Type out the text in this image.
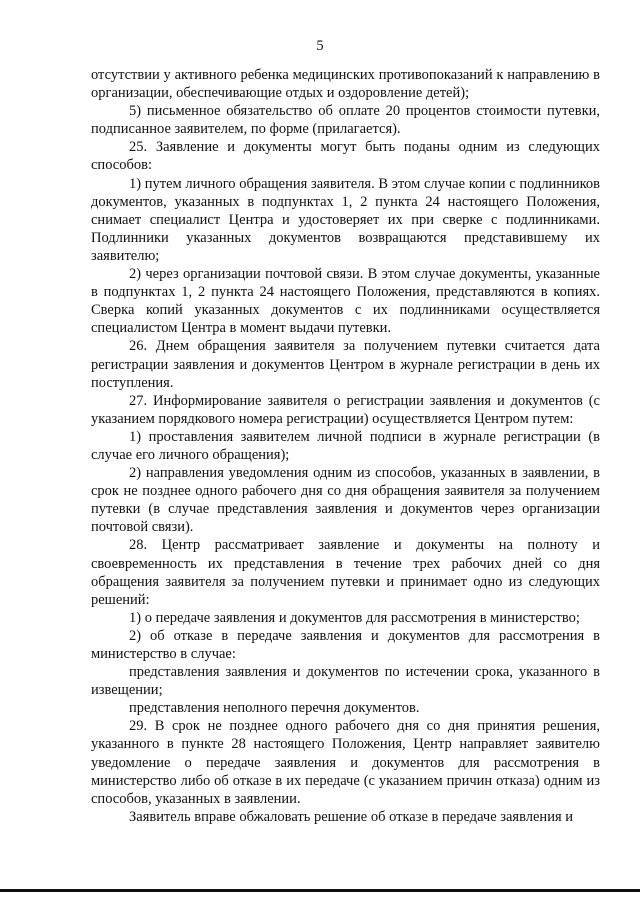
5

отсутствии у активного ребенка медицинских противопоказаний к направлению в организации, обеспечивающие отдых и оздоровление детей);

5) письменное обязательство об оплате 20 процентов стоимости путевки, подписанное заявителем, по форме (прилагается).

25. Заявление и документы могут быть поданы одним из следующих способов:

1) путем личного обращения заявителя. В этом случае копии с подлинников документов, указанных в подпунктах 1, 2 пункта 24 настоящего Положения, снимает специалист Центра и удостоверяет их при сверке с подлинниками. Подлинники указанных документов возвращаются представившему их заявителю;

2) через организации почтовой связи. В этом случае документы, указанные в подпунктах 1, 2 пункта 24 настоящего Положения, представляются в копиях. Сверка копий указанных документов с их подлинниками осуществляется специалистом Центра в момент выдачи путевки.

26. Днем обращения заявителя за получением путевки считается дата регистрации заявления и документов Центром в журнале регистрации в день их поступления.

27. Информирование заявителя о регистрации заявления и документов (с указанием порядкового номера регистрации) осуществляется Центром путем:

1) проставления заявителем личной подписи в журнале регистрации (в случае его личного обращения);

2) направления уведомления одним из способов, указанных в заявлении, в срок не позднее одного рабочего дня со дня обращения заявителя за получением путевки (в случае представления заявления и документов через организации почтовой связи).

28. Центр рассматривает заявление и документы на полноту и своевременность их представления в течение трех рабочих дней со дня обращения заявителя за получением путевки и принимает одно из следующих решений:

1) о передаче заявления и документов для рассмотрения в министерство;

2) об отказе в передаче заявления и документов для рассмотрения в министерство в случае:

представления заявления и документов по истечении срока, указанного в извещении;

представления неполного перечня документов.

29. В срок не позднее одного рабочего дня со дня принятия решения, указанного в пункте 28 настоящего Положения, Центр направляет заявителю уведомление о передаче заявления и документов для рассмотрения в министерство либо об отказе в их передаче (с указанием причин отказа) одним из способов, указанных в заявлении.

Заявитель вправе обжаловать решение об отказе в передаче заявления и
